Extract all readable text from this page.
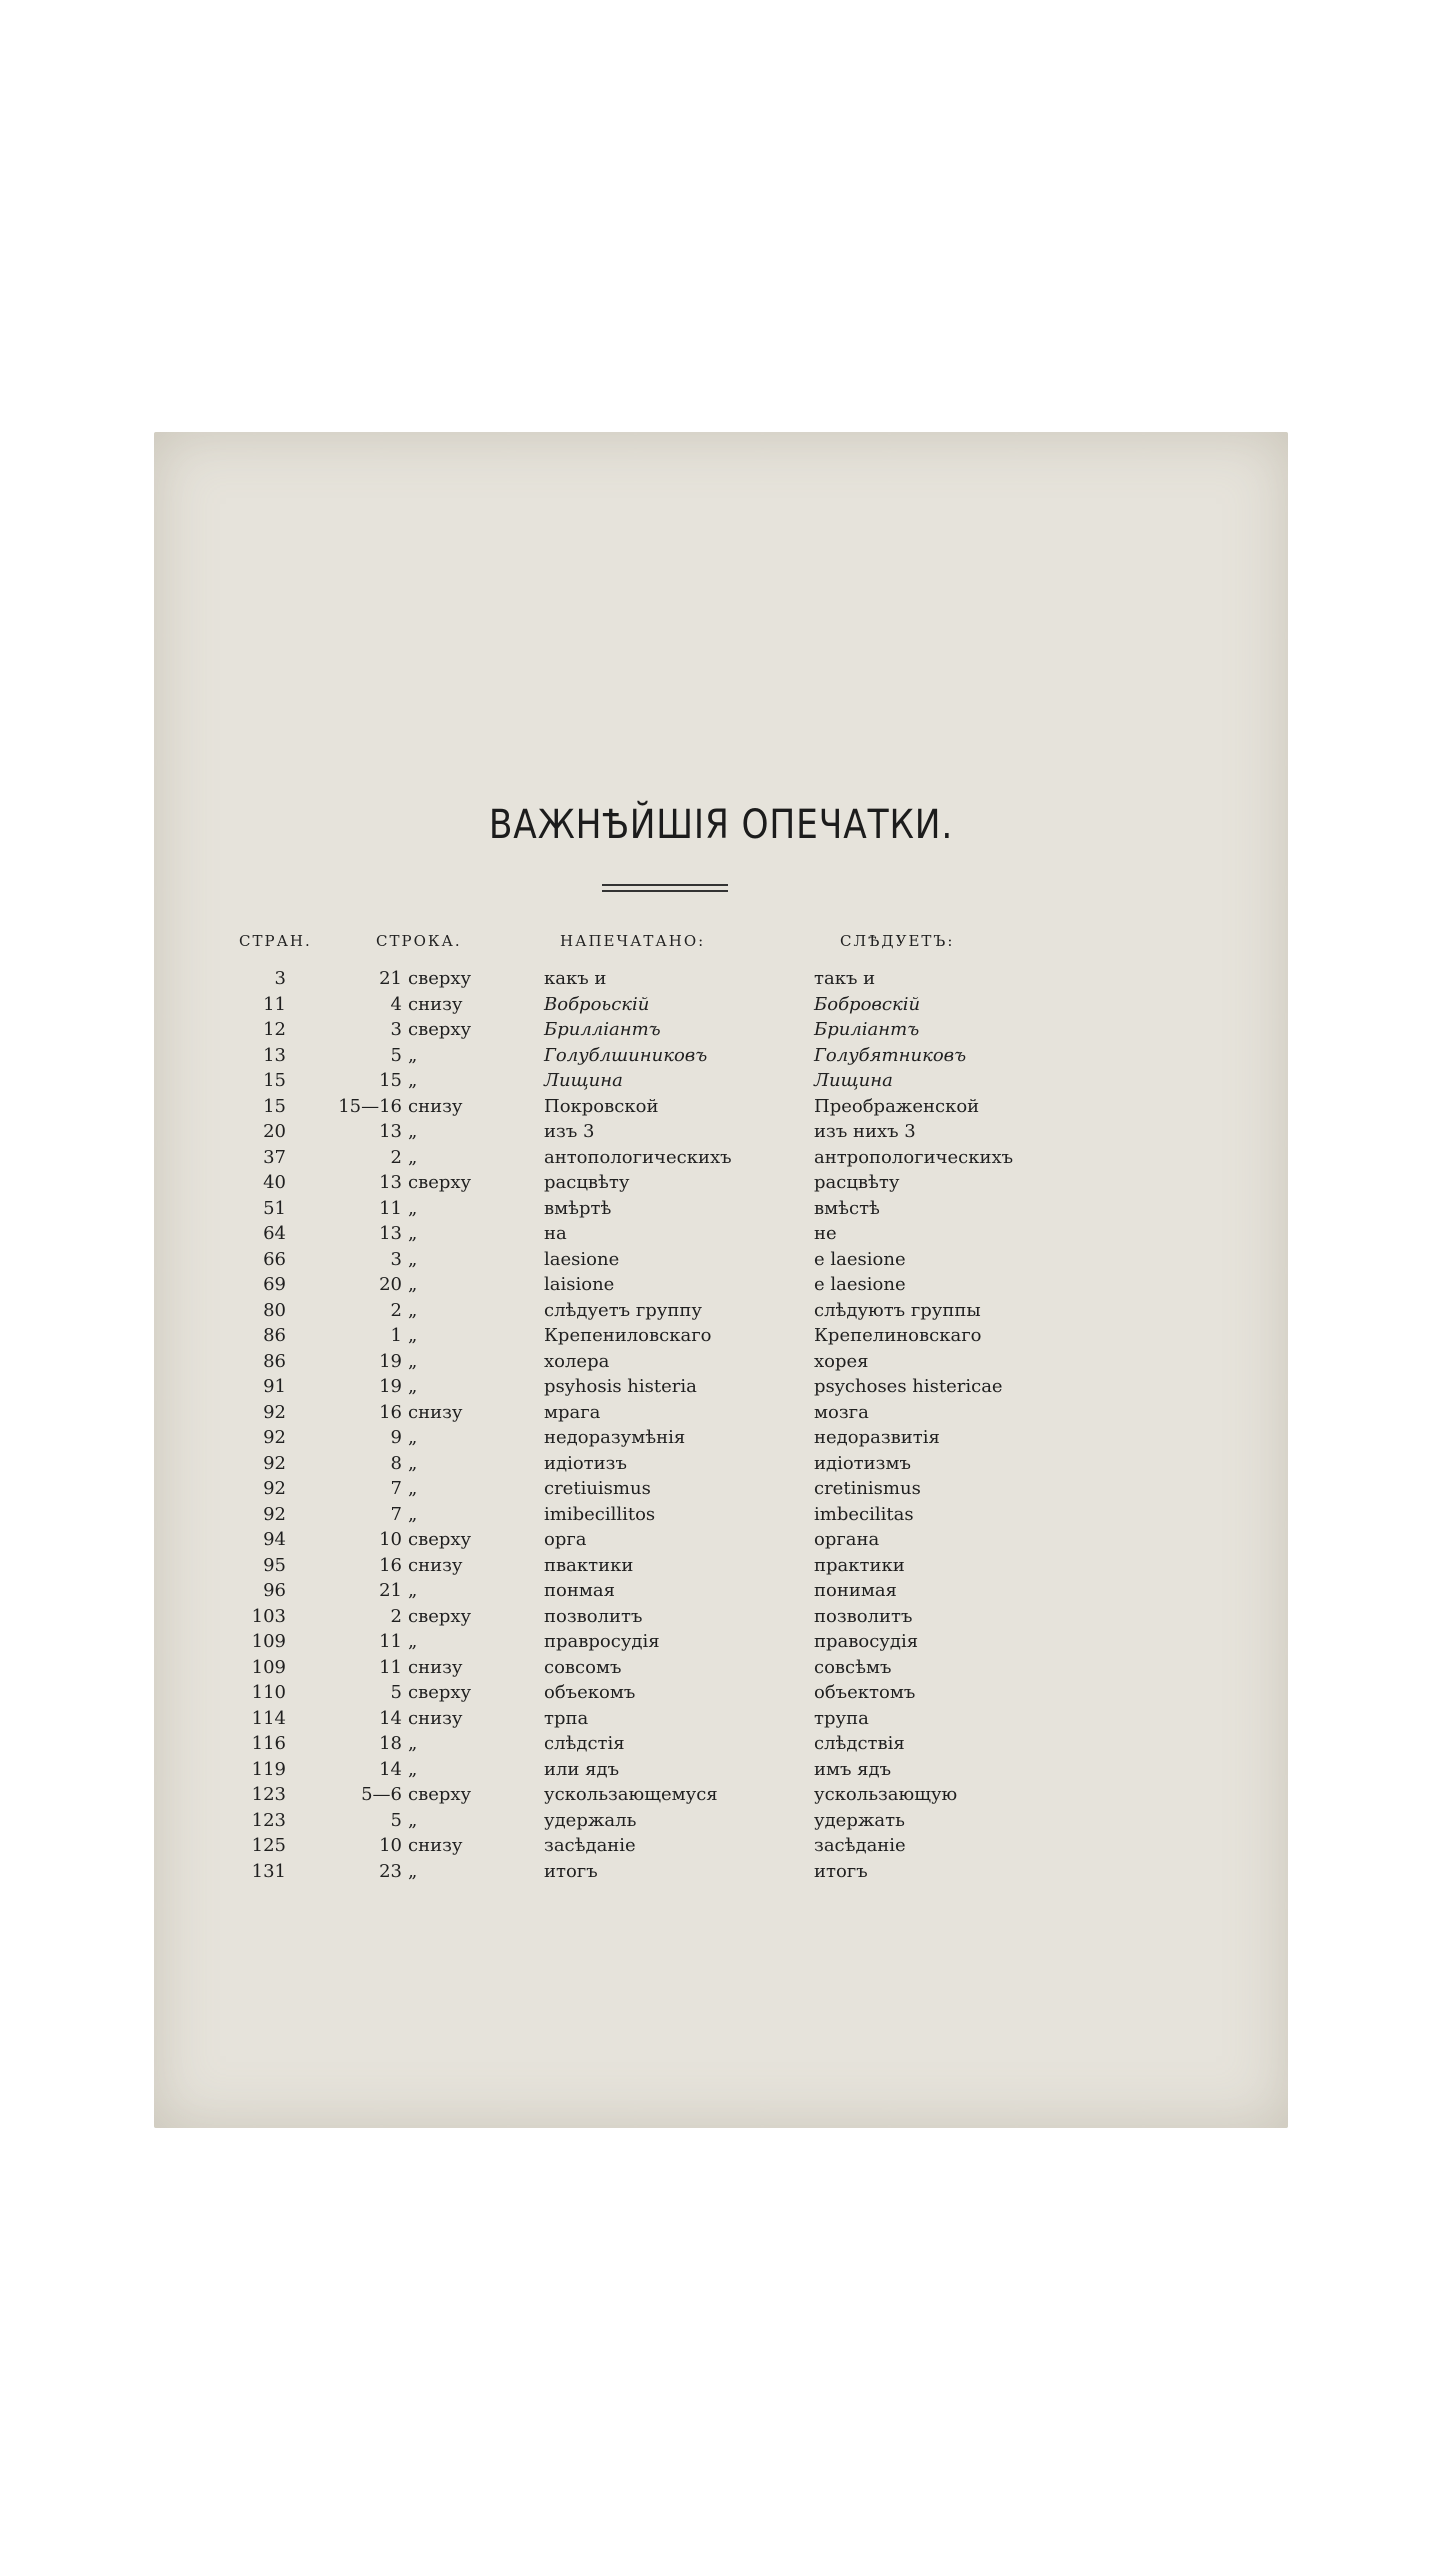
ВАЖНѢЙШІЯ ОПЕЧАТКИ.
СТРАН.	СТРОКА.	НАПЕЧАТАНО:	СЛѢДУЕТЪ:
3	21 сверху	какъ и	такъ и
11	4 снизу	Воброьскій	Бобровскій
12	3 сверху	Брилліантъ	Бриліантъ
13	5 „	Голублшиниковъ	Голубятниковъ
15	15 „	Лищина	Лищина
15	15—16 снизу	Покровской	Преображенской
20	13 „	изъ 3	изъ нихъ 3
37	2 „	антопологическихъ	антропологическихъ
40	13 сверху	расцвѣту	расцвѣту
51	11 „	вмѣртѣ	вмѣстѣ
64	13 „	на	не
66	3 „	laesione	e laesione
69	20 „	laisione	e laesione
80	2 „	слѣдуетъ группу	слѣдуютъ группы
86	1 „	Крепениловскаго	Крепелиновскаго
86	19 „	холера	хорея
91	19 „	psyhosis histeria	psychoses histericae
92	16 снизу	мрага	мозга
92	9 „	недоразумѣнія	недоразвитія
92	8 „	идіотизъ	идіотизмъ
92	7 „	cretiuismus	cretinismus
92	7 „	imibecillitos	imbecilitas
94	10 сверху	орга	органа
95	16 снизу	пвактики	практики
96	21 „	понмая	понимая
103	2 сверху	позволитъ	позволитъ
109	11 „	правросудія	правосудія
109	11 снизу	совсомъ	совсѣмъ
110	5 сверху	объекомъ	объектомъ
114	14 снизу	трпа	трупа
116	18 „	слѣдстія	слѣдствія
119	14 „	или ядъ	имъ ядъ
123	5—6 сверху	ускользающемуся	ускользающую
123	5 „	удержаль	удержать
125	10 снизу	засѣданіе	засѣданіе
131	23 „	итогъ	итогъ
